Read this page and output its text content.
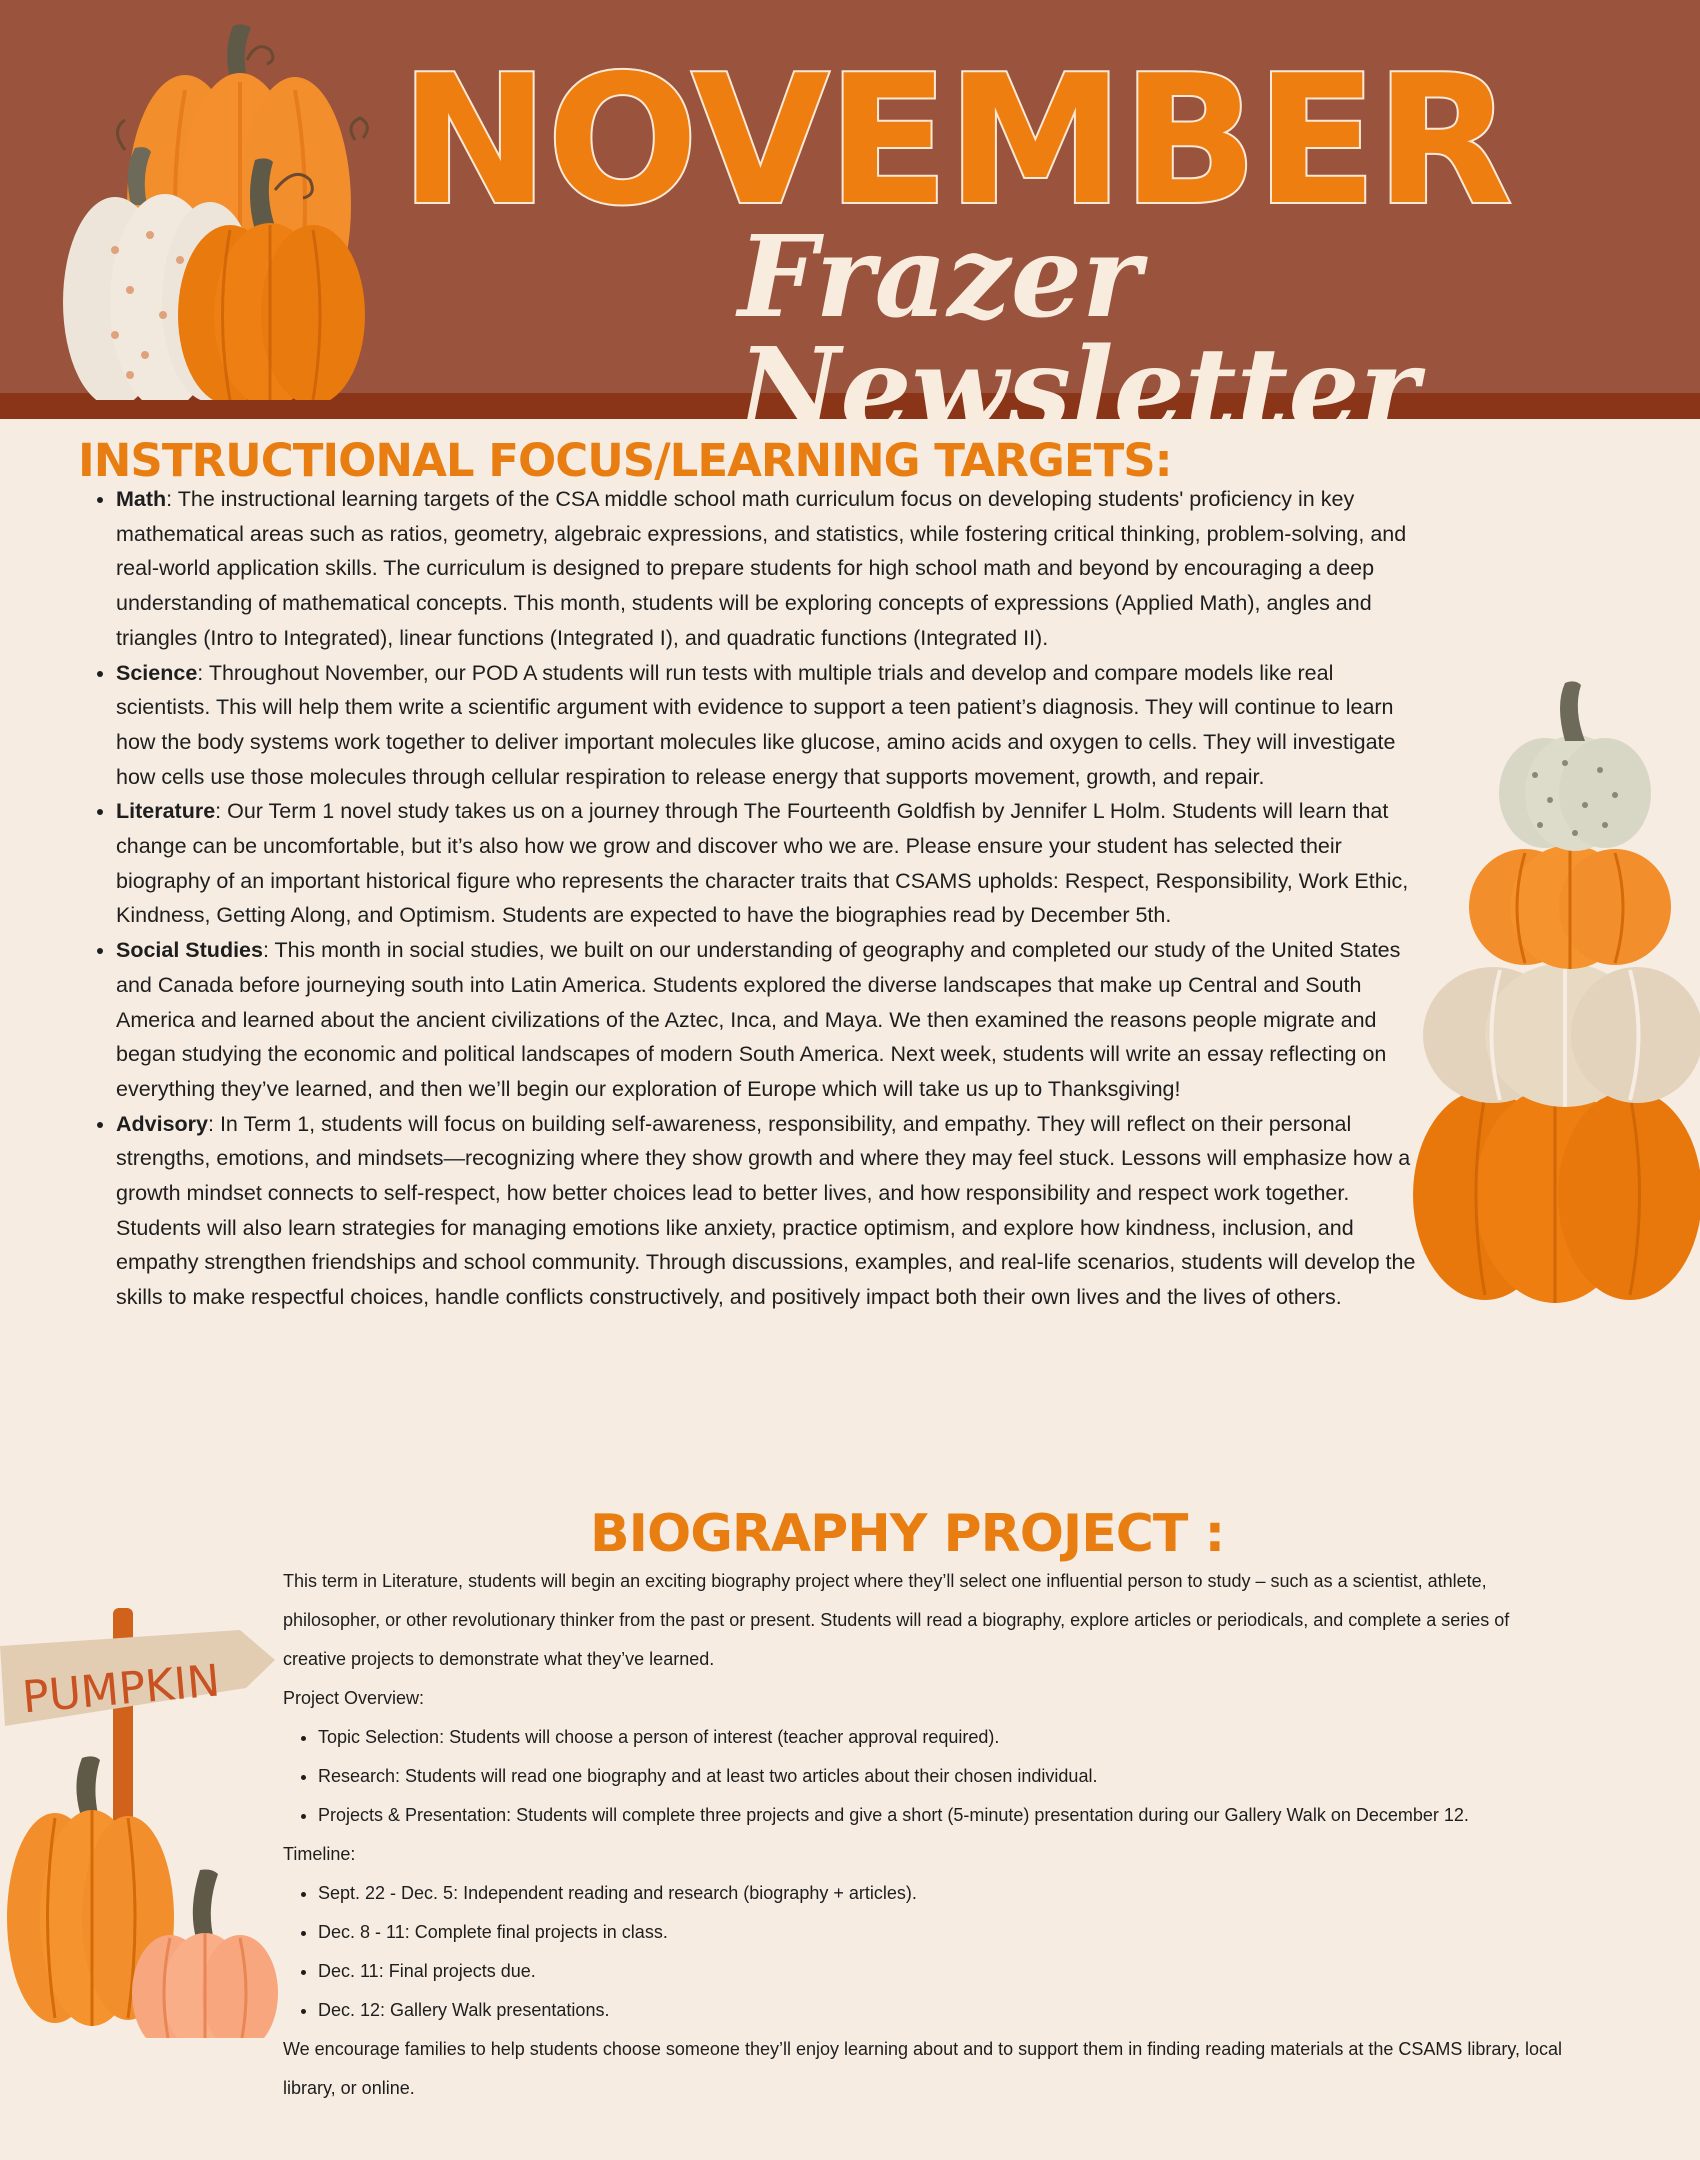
NOVEMBER
Frazer Newsletter
INSTRUCTIONAL FOCUS/LEARNING TARGETS:
• Math: The instructional learning targets of the CSA middle school math curriculum focus on developing students' proficiency in key mathematical areas such as ratios, geometry, algebraic expressions, and statistics, while fostering critical thinking, problem-solving, and real-world application skills. The curriculum is designed to prepare students for high school math and beyond by encouraging a deep understanding of mathematical concepts. This month, students will be exploring concepts of expressions (Applied Math), angles and triangles (Intro to Integrated), linear functions (Integrated I), and quadratic functions (Integrated II).
• Science: Throughout November, our POD A students will run tests with multiple trials and develop and compare models like real scientists. This will help them write a scientific argument with evidence to support a teen patient’s diagnosis. They will continue to learn how the body systems work together to deliver important molecules like glucose, amino acids and oxygen to cells. They will investigate how cells use those molecules through cellular respiration to release energy that supports movement, growth, and repair.
• Literature: Our Term 1 novel study takes us on a journey through The Fourteenth Goldfish by Jennifer L Holm. Students will learn that change can be uncomfortable, but it’s also how we grow and discover who we are. Please ensure your student has selected their biography of an important historical figure who represents the character traits that CSAMS upholds: Respect, Responsibility, Work Ethic, Kindness, Getting Along, and Optimism. Students are expected to have the biographies read by December 5th.
• Social Studies: This month in social studies, we built on our understanding of geography and completed our study of the United States and Canada before journeying south into Latin America. Students explored the diverse landscapes that make up Central and South America and learned about the ancient civilizations of the Aztec, Inca, and Maya. We then examined the reasons people migrate and began studying the economic and political landscapes of modern South America. Next week, students will write an essay reflecting on everything they’ve learned, and then we’ll begin our exploration of Europe which will take us up to Thanksgiving!
• Advisory: In Term 1, students will focus on building self-awareness, responsibility, and empathy. They will reflect on their personal strengths, emotions, and mindsets—recognizing where they show growth and where they may feel stuck. Lessons will emphasize how a growth mindset connects to self-respect, how better choices lead to better lives, and how responsibility and respect work together. Students will also learn strategies for managing emotions like anxiety, practice optimism, and explore how kindness, inclusion, and empathy strengthen friendships and school community. Through discussions, examples, and real-life scenarios, students will develop the skills to make respectful choices, handle conflicts constructively, and positively impact both their own lives and the lives of others.
BIOGRAPHY PROJECT :
PUMPKIN

This term in Literature, students will begin an exciting biography project where they’ll select one influential person to study – such as a scientist, athlete, philosopher, or other revolutionary thinker from the past or present. Students will read a biography, explore articles or periodicals, and complete a series of creative projects to demonstrate what they’ve learned.

Project Overview:

• Topic Selection: Students will choose a person of interest (teacher approval required).
• Research: Students will read one biography and at least two articles about their chosen individual.
• Projects & Presentation: Students will complete three projects and give a short (5-minute) presentation during our Gallery Walk on December 12.

Timeline:

• Sept. 22 - Dec. 5: Independent reading and research (biography + articles).
• Dec. 8 - 11: Complete final projects in class.
• Dec. 11: Final projects due.
• Dec. 12: Gallery Walk presentations.

We encourage families to help students choose someone they’ll enjoy learning about and to support them in finding reading materials at the CSAMS library, local library, or online.
